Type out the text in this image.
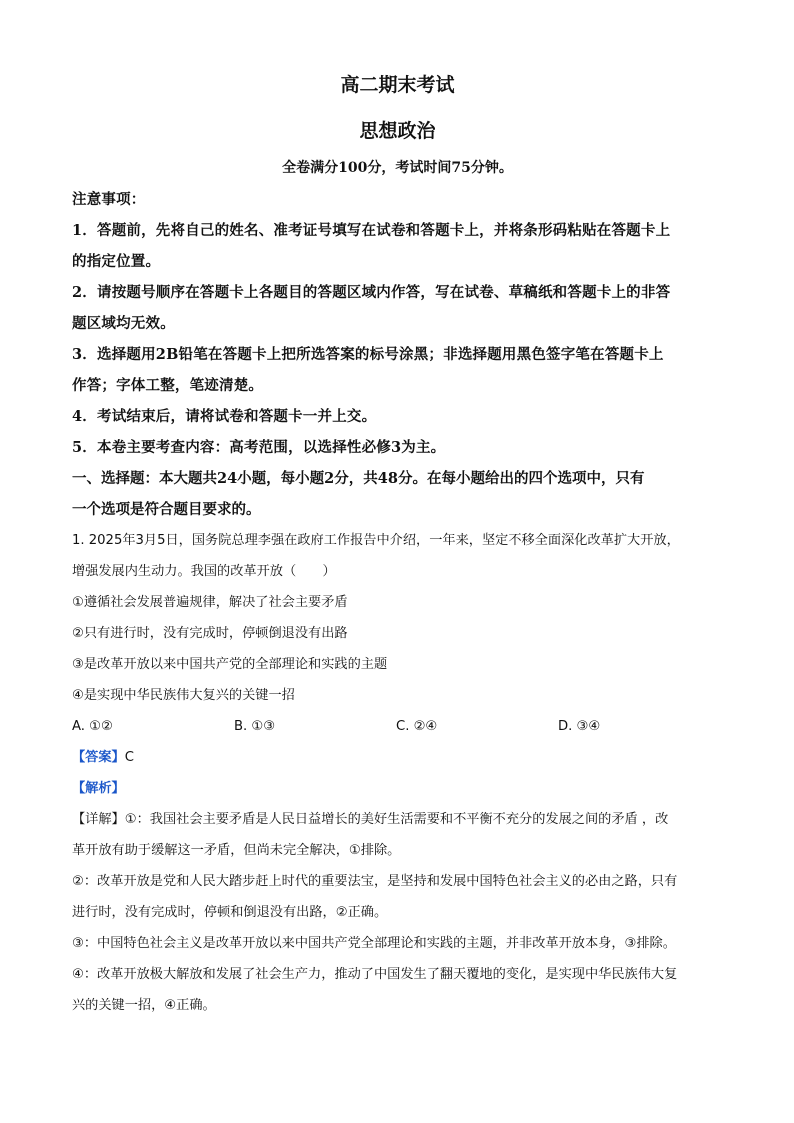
高二期末考试
思想政治

全卷满分100分，考试时间75分钟。

注意事项：

1．答题前，先将自己的姓名、准考证号填写在试卷和答题卡上，并将条形码粘贴在答题卡上

的指定位置。

2．请按题号顺序在答题卡上各题目的答题区域内作答，写在试卷、草稿纸和答题卡上的非答

题区域均无效。

3．选择题用2B铅笔在答题卡上把所选答案的标号涂黑；非选择题用黑色签字笔在答题卡上

作答；字体工整，笔迹清楚。

4．考试结束后，请将试卷和答题卡一并上交。

5．本卷主要考查内容：高考范围，以选择性必修3为主。

一、选择题：本大题共24小题，每小题2分，共48分。在每小题给出的四个选项中，只有

一个选项是符合题目要求的。

1. 2025年3月5日，国务院总理李强在政府工作报告中介绍，一年来，坚定不移全面深化改革扩大开放，

增强发展内生动力。我国的改革开放（　　）

①遵循社会发展普遍规律，解决了社会主要矛盾

②只有进行时，没有完成时，停顿倒退没有出路

③是改革开放以来中国共产党的全部理论和实践的主题

④是实现中华民族伟大复兴的关键一招

A. ①②	B. ①③	C. ②④	D. ③④

【答案】C

【解析】

【详解】①：我国社会主要矛盾是人民日益增长的美好生活需要和不平衡不充分的发展之间的矛盾 ，改

革开放有助于缓解这一矛盾，但尚未完全解决，①排除。

②：改革开放是党和人民大踏步赶上时代的重要法宝，是坚持和发展中国特色社会主义的必由之路，只有

进行时，没有完成时，停顿和倒退没有出路，②正确。

③：中国特色社会主义是改革开放以来中国共产党全部理论和实践的主题，并非改革开放本身，③排除。

④：改革开放极大解放和发展了社会生产力，推动了中国发生了翻天覆地的变化，是实现中华民族伟大复

兴的关键一招，④正确。
